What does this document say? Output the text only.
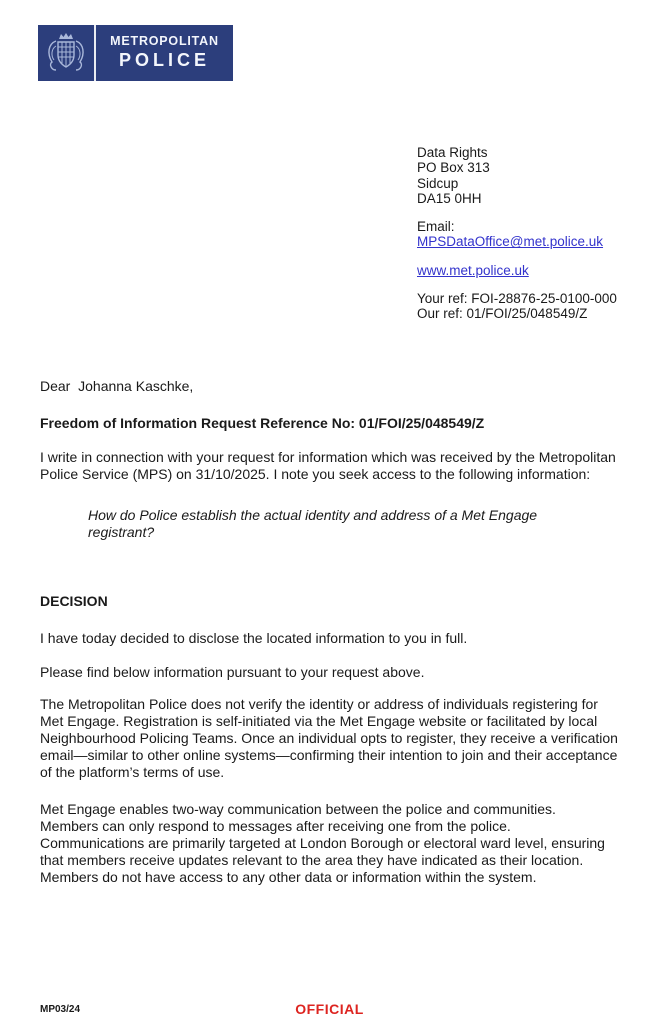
METROPOLITAN
POLICE
Data Rights
PO Box 313
Sidcup
DA15 0HH
Email:
MPSDataOffice@met.police.uk
www.met.police.uk
Your ref: FOI-28876-25-0100-000
Our ref: 01/FOI/25/048549/Z
Dear  Johanna Kaschke,
Freedom of Information Request Reference No: 01/FOI/25/048549/Z
I write in connection with your request for information which was received by the Metropolitan Police Service (MPS) on 31/10/2025. I note you seek access to the following information:
How do Police establish the actual identity and address of a Met Engage registrant?
DECISION
I have today decided to disclose the located information to you in full.
Please find below information pursuant to your request above.
The Metropolitan Police does not verify the identity or address of individuals registering for Met Engage. Registration is self-initiated via the Met Engage website or facilitated by local Neighbourhood Policing Teams. Once an individual opts to register, they receive a verification email—similar to other online systems—confirming their intention to join and their acceptance of the platform’s terms of use.
Met Engage enables two-way communication between the police and communities. Members can only respond to messages after receiving one from the police. Communications are primarily targeted at London Borough or electoral ward level, ensuring that members receive updates relevant to the area they have indicated as their location. Members do not have access to any other data or information within the system.
MP03/24	OFFICIAL
